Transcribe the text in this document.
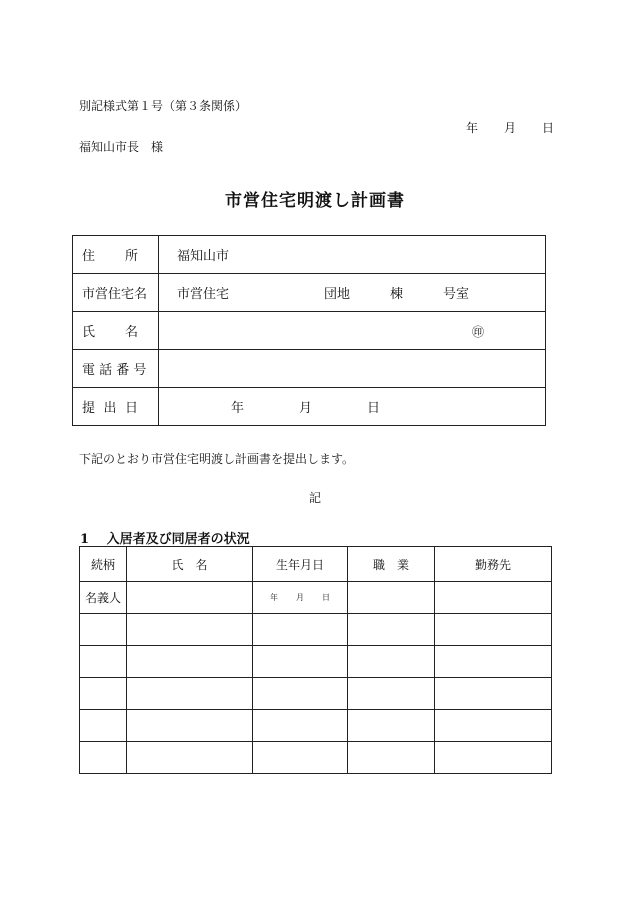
別記様式第１号（第３条関係）
年 月 日
福知山市長　様
市営住宅明渡し計画書
住 所	福知山市
市営住宅名	市営住宅 団地 棟 号室

氏 名	㊞

電 話 番 号	

提 出 日	年 月 日
下記のとおり市営住宅明渡し計画書を提出します。
記
1　 入居者及び同居者の状況
続柄	氏　名	生年月日	職　業	勤務先
名義人		年 月 日		
